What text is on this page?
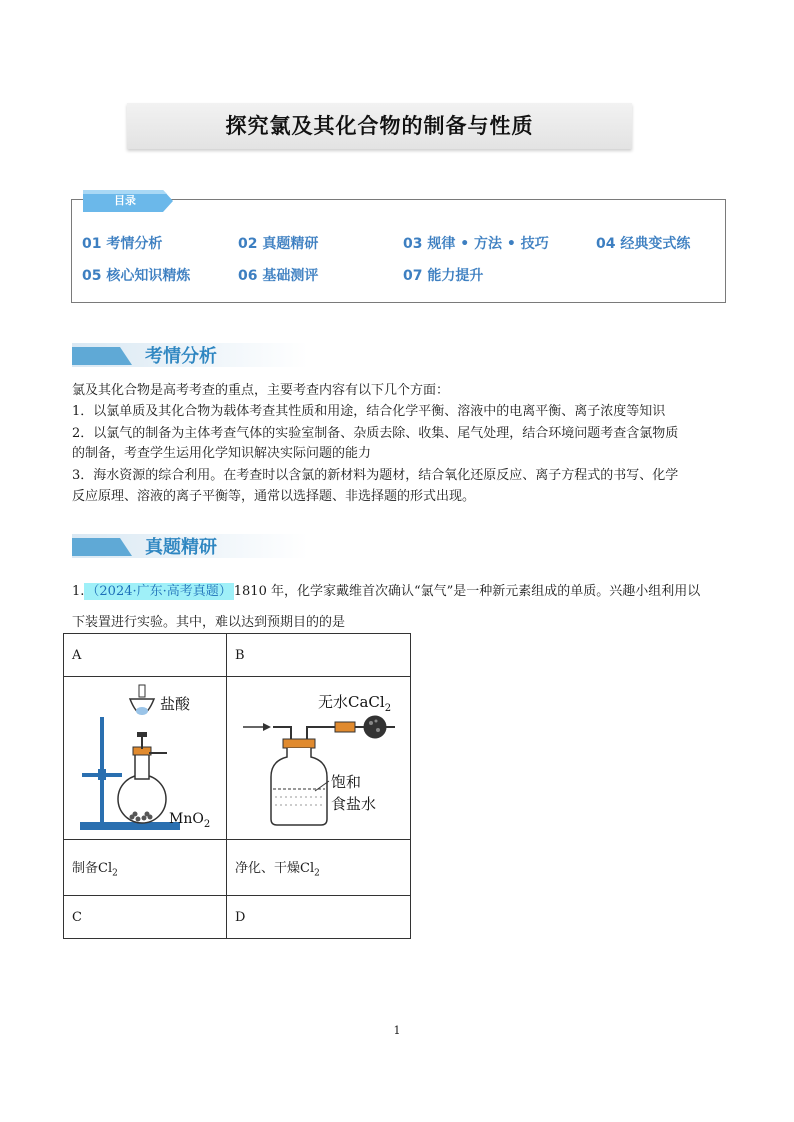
探究氯及其化合物的制备与性质
目录
01 考情分析	02 真题精研	03 规律 • 方法 • 技巧	04 经典变式练
05 核心知识精炼	06 基础测评	07 能力提升
考情分析
氯及其化合物是高考考查的重点，主要考查内容有以下几个方面：
1．以氯单质及其化合物为载体考查其性质和用途，结合化学平衡、溶液中的电离平衡、离子浓度等知识
2．以氯气的制备为主体考查气体的实验室制备、杂质去除、收集、尾气处理，结合环境问题考查含氯物质
的制备，考查学生运用化学知识解决实际问题的能力
3．海水资源的综合利用。在考查时以含氯的新材料为题材，结合氧化还原反应、离子方程式的书写、化学
反应原理、溶液的离子平衡等，通常以选择题、非选择题的形式出现。
真题精研
1. （2024·广东·高考真题） 1810 年，化学家戴维首次确认“氯气”是一种新元素组成的单质。兴趣小组利用以
下装置进行实验。其中，难以达到预期目的的是
A	B

盐酸
MnO$_2$	无水CaCl$_2$
饱和
食盐水

制备$Cl_2$	净化、干燥$Cl_2$
C	D
1
